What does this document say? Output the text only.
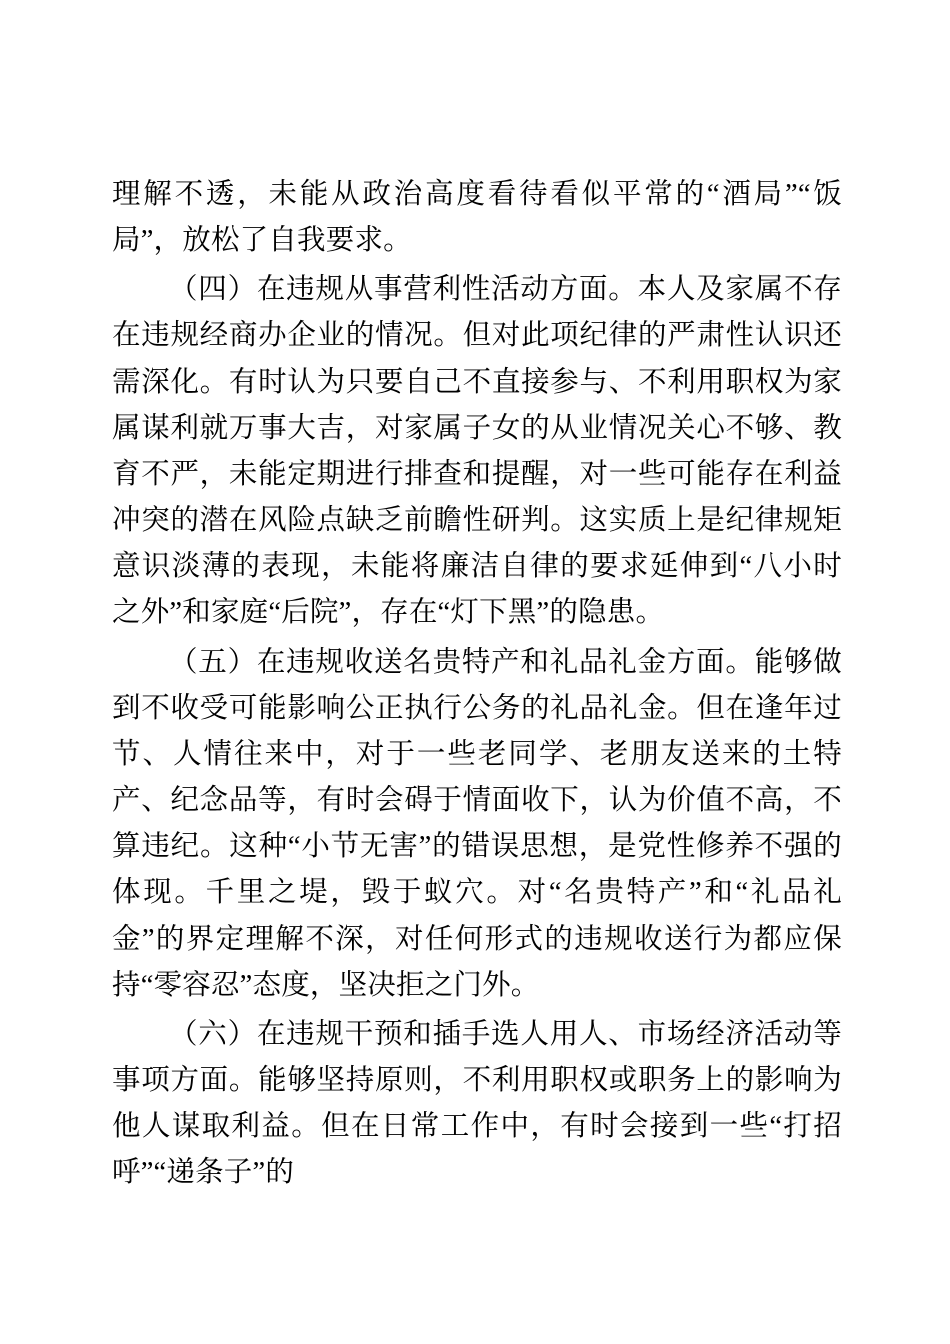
理解不透，未能从政治高度看待看似平常的“酒局”“饭局”，放松了自我要求。

（四）在违规从事营利性活动方面。本人及家属不存在违规经商办企业的情况。但对此项纪律的严肃性认识还需深化。有时认为只要自己不直接参与、不利用职权为家属谋利就万事大吉，对家属子女的从业情况关心不够、教育不严，未能定期进行排查和提醒，对一些可能存在利益冲突的潜在风险点缺乏前瞻性研判。这实质上是纪律规矩意识淡薄的表现，未能将廉洁自律的要求延伸到“八小时之外”和家庭“后院”，存在“灯下黑”的隐患。

（五）在违规收送名贵特产和礼品礼金方面。能够做到不收受可能影响公正执行公务的礼品礼金。但在逢年过节、人情往来中，对于一些老同学、老朋友送来的土特产、纪念品等，有时会碍于情面收下，认为价值不高，不算违纪。这种“小节无害”的错误思想，是党性修养不强的体现。千里之堤，毁于蚁穴。对“名贵特产”和“礼品礼金”的界定理解不深，对任何形式的违规收送行为都应保持“零容忍”态度，坚决拒之门外。

（六）在违规干预和插手选人用人、市场经济活动等事项方面。能够坚持原则，不利用职权或职务上的影响为他人谋取利益。但在日常工作中，有时会接到一些“打招呼”“递条子”的
